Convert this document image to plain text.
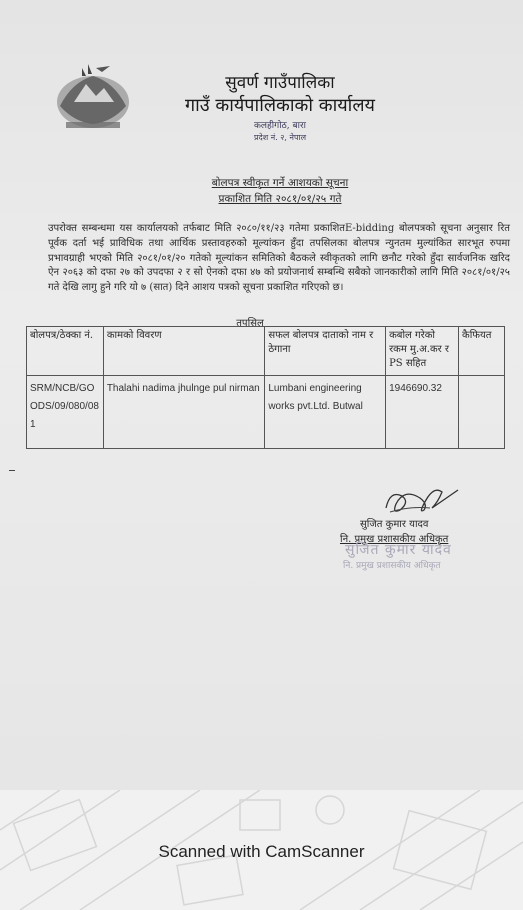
सुवर्ण गाउँपालिका
गाउँ कार्यपालिकाको कार्यालय
कलहीगोठ, बारा
प्रदेश नं. २, नेपाल
बोलपत्र स्वीकृत गर्ने आशयको सूचना
प्रकाशित मिति २०८१/०१/२५ गते
उपरोक्त सम्बन्धमा यस कार्यालयको तर्फबाट मिति २०८०/११/२३ गतेमा प्रकाशितE-bidding बोलपत्रको सूचना अनुसार रित पूर्वक दर्ता भई प्राविधिक तथा आर्थिक प्रस्तावहरुको मूल्यांकन हुँदा तपसिलका बोलपत्र न्युनतम मुल्यांकित सारभूत रुपमा प्रभावग्राही भएको मिति २०८१/०१/२० गतेको मूल्यांकन समितिको बैठकले स्वीकृतको लागि छनौट गरेको हुँदा सार्वजनिक खरिद ऐन २०६३ को दफा २७ को उपदफा २ र सो ऐनको दफा ४७ को प्रयोजनार्थ सम्बन्धि सबैको जानकारीको लागि मिति २०८१/०१/२५ गते देखि लागु हुने गरि यो ७ (सात) दिने आशय पत्रको सूचना प्रकाशित गरिएको छ।
तपसिल
बोलपत्र/ठेक्का नं.	कामको विवरण	सफल बोलपत्र दाताको नाम र ठेगाना	कबोल गरेको रकम मु.अ.कर र PS सहित	कैफियत
SRM/NCB/GOODS/09/080/081	Thalahi nadima jhulnge pul nirman	Lumbani engineering works pvt.Ltd. Butwal	1946690.32	
सुजित कुमार यादव
नि. प्रमुख प्रशासकीय अधिकृत
सुजित कुमार यादव
नि. प्रमुख प्रशासकीय अधिकृत
Scanned with CamScanner
